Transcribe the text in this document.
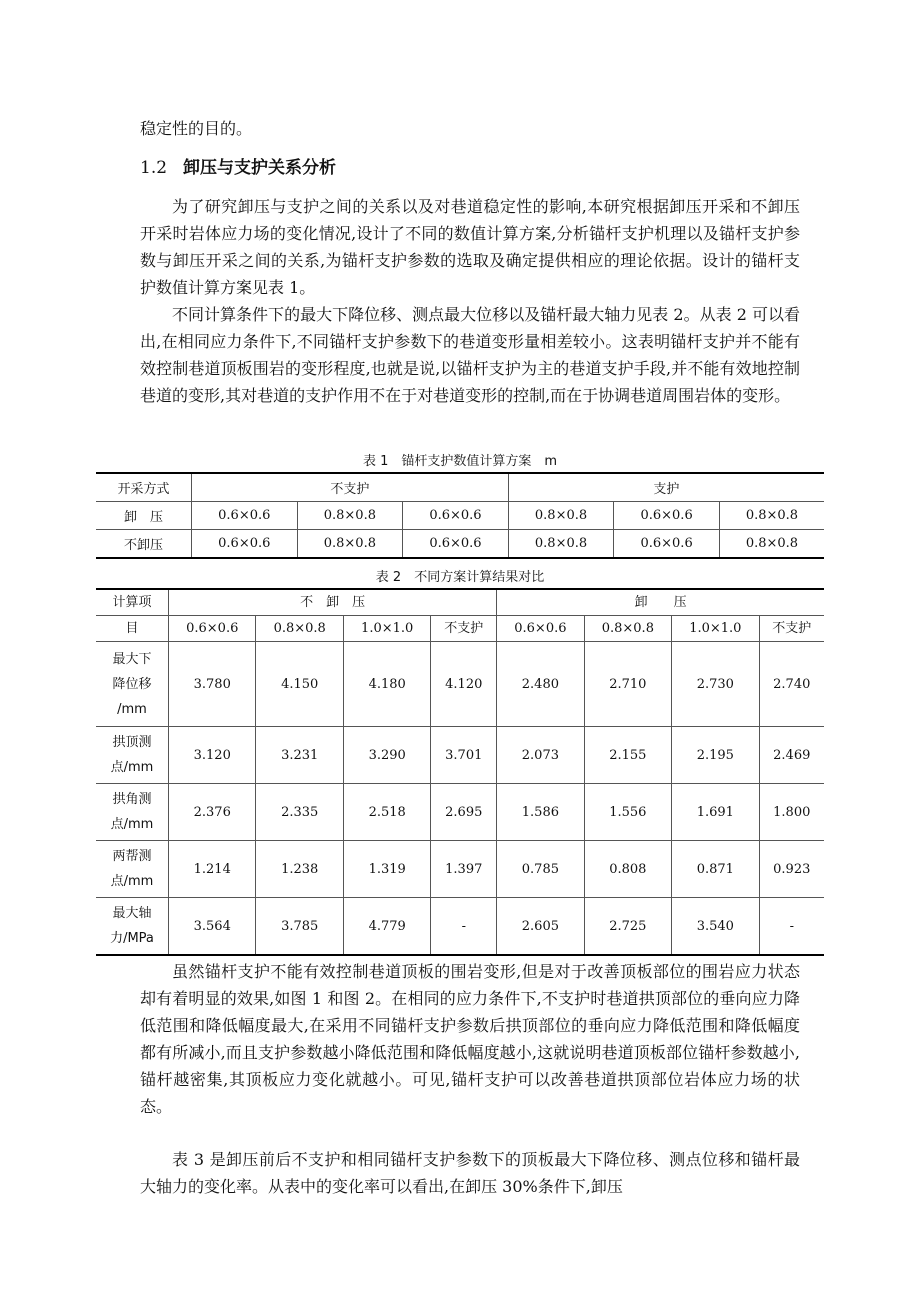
稳定性的目的。

1.2 卸压与支护关系分析

为了研究卸压与支护之间的关系以及对巷道稳定性的影响,本研究根据卸压开采和不卸压开采时岩体应力场的变化情况,设计了不同的数值计算方案,分析锚杆支护机理以及锚杆支护参数与卸压开采之间的关系,为锚杆支护参数的选取及确定提供相应的理论依据。设计的锚杆支护数值计算方案见表 1。

不同计算条件下的最大下降位移、测点最大位移以及锚杆最大轴力见表 2。从表 2 可以看出,在相同应力条件下,不同锚杆支护参数下的巷道变形量相差较小。这表明锚杆支护并不能有效控制巷道顶板围岩的变形程度,也就是说,以锚杆支护为主的巷道支护手段,并不能有效地控制巷道的变形,其对巷道的支护作用不在于对巷道变形的控制,而在于协调巷道周围岩体的变形。

表 1　锚杆支护数值计算方案　m
开采方式	不支护			支护		
卸　压	0.6×0.6	0.8×0.8	0.6×0.6	0.8×0.8	0.6×0.6	0.8×0.8
不卸压	0.6×0.6	0.8×0.8	0.6×0.6	0.8×0.8	0.6×0.6	0.8×0.8
表 2　不同方案计算结果对比
计算项	不　卸　压				卸　　压			
目	0.6×0.6	0.8×0.8	1.0×1.0	不支护	0.6×0.6	0.8×0.8	1.0×1.0	不支护

最大下
降位移
/mm	3.780	4.150	4.180	4.120	2.480	2.710	2.730	2.740

拱顶测
点/mm	3.120	3.231	3.290	3.701	2.073	2.155	2.195	2.469

拱角测
点/mm	2.376	2.335	2.518	2.695	1.586	1.556	1.691	1.800

两帮测
点/mm	1.214	1.238	1.319	1.397	0.785	0.808	0.871	0.923

最大轴
力/MPa	3.564	3.785	4.779	-	2.605	2.725	3.540	-

虽然锚杆支护不能有效控制巷道顶板的围岩变形,但是对于改善顶板部位的围岩应力状态却有着明显的效果,如图 1 和图 2。在相同的应力条件下,不支护时巷道拱顶部位的垂向应力降低范围和降低幅度最大,在采用不同锚杆支护参数后拱顶部位的垂向应力降低范围和降低幅度都有所减小,而且支护参数越小降低范围和降低幅度越小,这就说明巷道顶板部位锚杆参数越小,锚杆越密集,其顶板应力变化就越小。可见,锚杆支护可以改善巷道拱顶部位岩体应力场的状态。

表 3 是卸压前后不支护和相同锚杆支护参数下的顶板最大下降位移、测点位移和锚杆最大轴力的变化率。从表中的变化率可以看出,在卸压 30%条件下,卸压
